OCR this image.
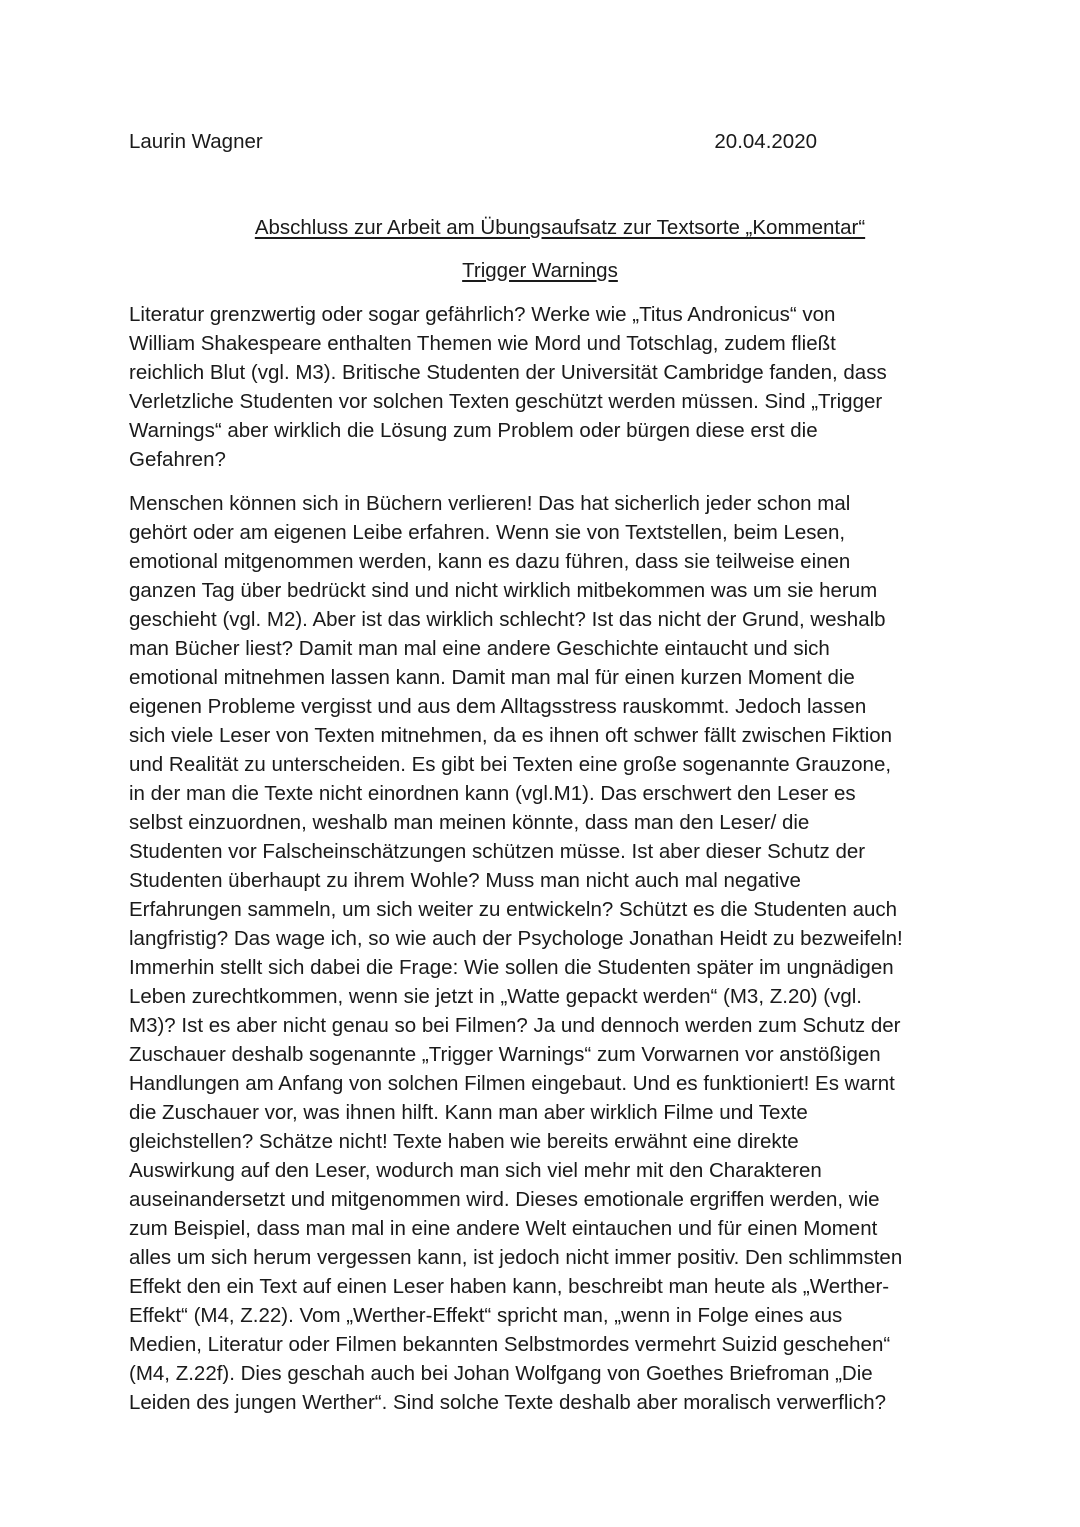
Laurin Wagner	20.04.2020
Abschluss zur Arbeit am Übungsaufsatz zur Textsorte „Kommentar“
Trigger Warnings

Literatur grenzwertig oder sogar gefährlich? Werke wie „Titus Andronicus“ von
William Shakespeare enthalten Themen wie Mord und Totschlag, zudem fließt
reichlich Blut (vgl. M3). Britische Studenten der Universität Cambridge fanden, dass
Verletzliche Studenten vor solchen Texten geschützt werden müssen. Sind „Trigger
Warnings“ aber wirklich die Lösung zum Problem oder bürgen diese erst die
Gefahren?

Menschen können sich in Büchern verlieren! Das hat sicherlich jeder schon mal
gehört oder am eigenen Leibe erfahren. Wenn sie von Textstellen, beim Lesen,
emotional mitgenommen werden, kann es dazu führen, dass sie teilweise einen
ganzen Tag über bedrückt sind und nicht wirklich mitbekommen was um sie herum
geschieht (vgl. M2). Aber ist das wirklich schlecht? Ist das nicht der Grund, weshalb
man Bücher liest? Damit man mal eine andere Geschichte eintaucht und sich
emotional mitnehmen lassen kann. Damit man mal für einen kurzen Moment die
eigenen Probleme vergisst und aus dem Alltagsstress rauskommt. Jedoch lassen
sich viele Leser von Texten mitnehmen, da es ihnen oft schwer fällt zwischen Fiktion
und Realität zu unterscheiden. Es gibt bei Texten eine große sogenannte Grauzone,
in der man die Texte nicht einordnen kann (vgl.M1). Das erschwert den Leser es
selbst einzuordnen, weshalb man meinen könnte, dass man den Leser/ die
Studenten vor Falscheinschätzungen schützen müsse. Ist aber dieser Schutz der
Studenten überhaupt zu ihrem Wohle? Muss man nicht auch mal negative
Erfahrungen sammeln, um sich weiter zu entwickeln? Schützt es die Studenten auch
langfristig? Das wage ich, so wie auch der Psychologe Jonathan Heidt zu bezweifeln!
Immerhin stellt sich dabei die Frage: Wie sollen die Studenten später im ungnädigen
Leben zurechtkommen, wenn sie jetzt in „Watte gepackt werden“ (M3, Z.20) (vgl.
M3)? Ist es aber nicht genau so bei Filmen? Ja und dennoch werden zum Schutz der
Zuschauer deshalb sogenannte „Trigger Warnings“ zum Vorwarnen vor anstößigen
Handlungen am Anfang von solchen Filmen eingebaut. Und es funktioniert! Es warnt
die Zuschauer vor, was ihnen hilft. Kann man aber wirklich Filme und Texte
gleichstellen? Schätze nicht! Texte haben wie bereits erwähnt eine direkte
Auswirkung auf den Leser, wodurch man sich viel mehr mit den Charakteren
auseinandersetzt und mitgenommen wird. Dieses emotionale ergriffen werden, wie
zum Beispiel, dass man mal in eine andere Welt eintauchen und für einen Moment
alles um sich herum vergessen kann, ist jedoch nicht immer positiv. Den schlimmsten
Effekt den ein Text auf einen Leser haben kann, beschreibt man heute als „Werther-
Effekt“ (M4, Z.22). Vom „Werther-Effekt“ spricht man, „wenn in Folge eines aus
Medien, Literatur oder Filmen bekannten Selbstmordes vermehrt Suizid geschehen“
(M4, Z.22f). Dies geschah auch bei Johan Wolfgang von Goethes Briefroman „Die
Leiden des jungen Werther“. Sind solche Texte deshalb aber moralisch verwerflich?
